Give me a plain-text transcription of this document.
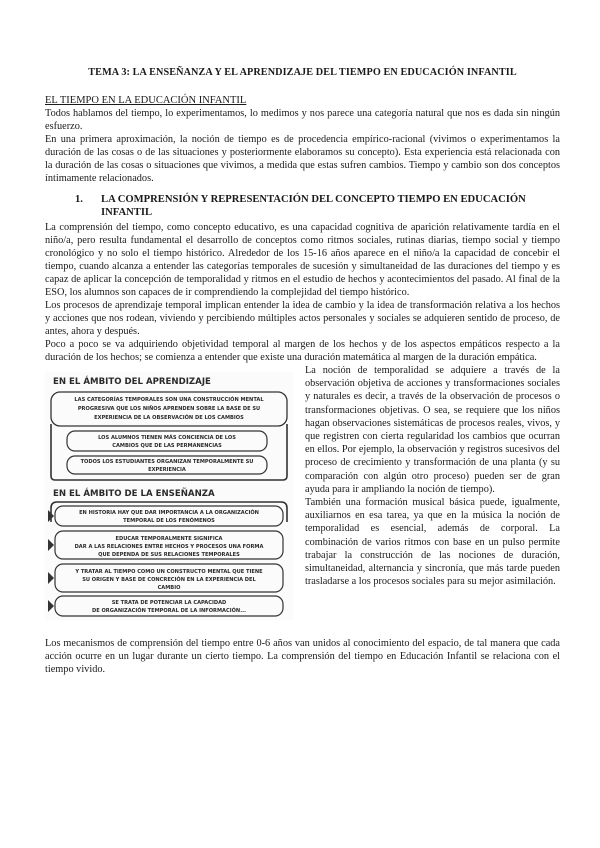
TEMA 3: LA ENSEÑANZA Y EL APRENDIZAJE DEL TIEMPO EN EDUCACIÓN INFANTIL

EL TIEMPO EN LA EDUCACIÓN INFANTIL

Todos hablamos del tiempo, lo experimentamos, lo medimos y nos parece una categoría natural que nos es dada sin ningún esfuerzo.

En una primera aproximación, la noción de tiempo es de procedencia empírico-racional (vivimos o experimentamos la duración de las cosas o de las situaciones y posteriormente elaboramos su concepto). Esta experiencia está relacionada con la duración de las cosas o situaciones que vivimos, a medida que estas sufren cambios. Tiempo y cambio son dos conceptos íntimamente relacionados.

1.	LA COMPRENSIÓN Y REPRESENTACIÓN DEL CONCEPTO TIEMPO EN EDUCACIÓN INFANTIL

La comprensión del tiempo, como concepto educativo, es una capacidad cognitiva de aparición relativamente tardía en el niño/a, pero resulta fundamental el desarrollo de conceptos como ritmos sociales, rutinas diarias, tiempo social y tiempo cronológico y no solo el tiempo histórico. Alrededor de los 15-16 años aparece en el niño/a la capacidad de concebir el tiempo, cuando alcanza a entender las categorías temporales de sucesión y simultaneidad de las duraciones del tiempo y es capaz de aplicar la concepción de temporalidad y ritmos en el estudio de hechos y acontecimientos del pasado. Al final de la ESO, los alumnos son capaces de ir comprendiendo la complejidad del tiempo histórico.

Los procesos de aprendizaje temporal implican entender la idea de cambio y la idea de transformación relativa a los hechos y acciones que nos rodean, viviendo y percibiendo múltiples actos personales y sociales se adquieren sentido de proceso, de antes, ahora y después.

Poco a poco se va adquiriendo objetividad temporal al margen de los hechos y de los aspectos empáticos respecto a la duración de los hechos; se comienza a entender que existe una duración matemática al margen de la duración empática.

EN EL ÁMBITO DEL APRENDIZAJE
LAS CATEGORÍAS TEMPORALES SON UNA CONSTRUCCIÓN MENTAL
PROGRESIVA QUE LOS NIÑOS APRENDEN SOBRE LA BASE DE SU
EXPERIENCIA DE LA OBSERVACIÓN DE LOS CAMBIOS
LOS ALUMNOS TIENEN MÁS CONCIENCIA DE LOS
CAMBIOS QUE DE LAS PERMANENCIAS
TODOS LOS ESTUDIANTES ORGANIZAN TEMPORALMENTE SU
EXPERIENCIA
EN EL ÁMBITO DE LA ENSEÑANZA
EN HISTORIA HAY QUE DAR IMPORTANCIA A LA ORGANIZACIÓN
TEMPORAL DE LOS FENÓMENOS
EDUCAR TEMPORALMENTE SIGNIFICA
DAR A LAS RELACIONES ENTRE HECHOS Y PROCESOS UNA FORMA
QUE DEPENDA DE SUS RELACIONES TEMPORALES
Y TRATAR AL TIEMPO COMO UN CONSTRUCTO MENTAL QUE TIENE
SU ORIGEN Y BASE DE CONCRECIÓN EN LA EXPERIENCIA DEL
CAMBIO
SE TRATA DE POTENCIAR LA CAPACIDAD
DE ORGANIZACIÓN TEMPORAL DE LA INFORMACIÓN...

La noción de temporalidad se adquiere a través de la observación objetiva de acciones y transformaciones sociales y naturales es decir, a través de la observación de procesos o transformaciones objetivas. O sea, se requiere que los niños hagan observaciones sistemáticas de procesos reales, vivos, y que registren con cierta regularidad los cambios que ocurran en ellos. Por ejemplo, la observación y registros sucesivos del proceso de crecimiento y transformación de una planta (y su comparación con algún otro proceso) pueden ser de gran ayuda para ir ampliando la noción de tiempo).

También una formación musical básica puede, igualmente, auxiliarnos en esa tarea, ya que en la música la noción de temporalidad es esencial, además de corporal. La combinación de varios ritmos con base en un pulso permite trabajar la construcción de las nociones de duración, simultaneidad, alternancia y sincronía, que más tarde pueden trasladarse a los procesos sociales para su mejor asimilación.

Los mecanismos de comprensión del tiempo entre 0-6 años van unidos al conocimiento del espacio, de tal manera que cada acción ocurre en un lugar durante un cierto tiempo. La comprensión del tiempo en Educación Infantil se relaciona con el tiempo vivido.
